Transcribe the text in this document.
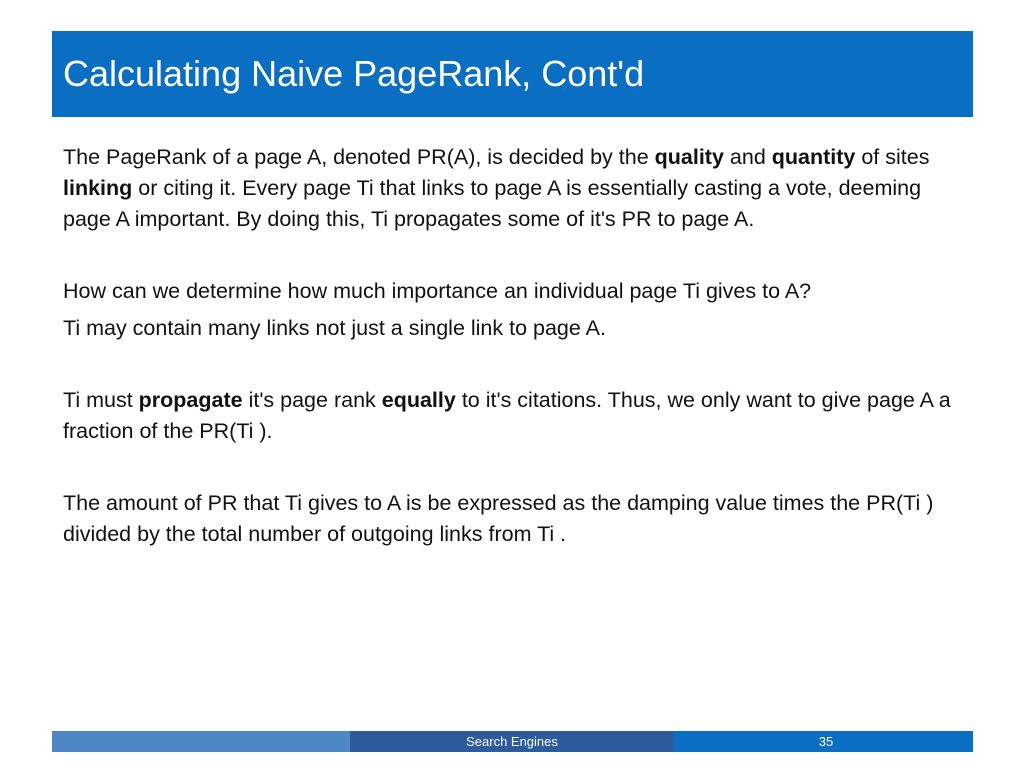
Calculating Naive PageRank, Cont'd

The PageRank of a page A, denoted PR(A), is decided by the quality and quantity of sites linking or citing it. Every page Ti that links to page A is essentially casting a vote, deeming page A important. By doing this, Ti propagates some of it's PR to page A.

How can we determine how much importance an individual page Ti gives to A?

Ti may contain many links not just a single link to page A.

Ti must propagate it's page rank equally to it's citations. Thus, we only want to give page A a fraction of the PR(Ti ).

The amount of PR that Ti gives to A is be expressed as the damping value times the PR(Ti ) divided by the total number of outgoing links from Ti .

Search Engines	35
